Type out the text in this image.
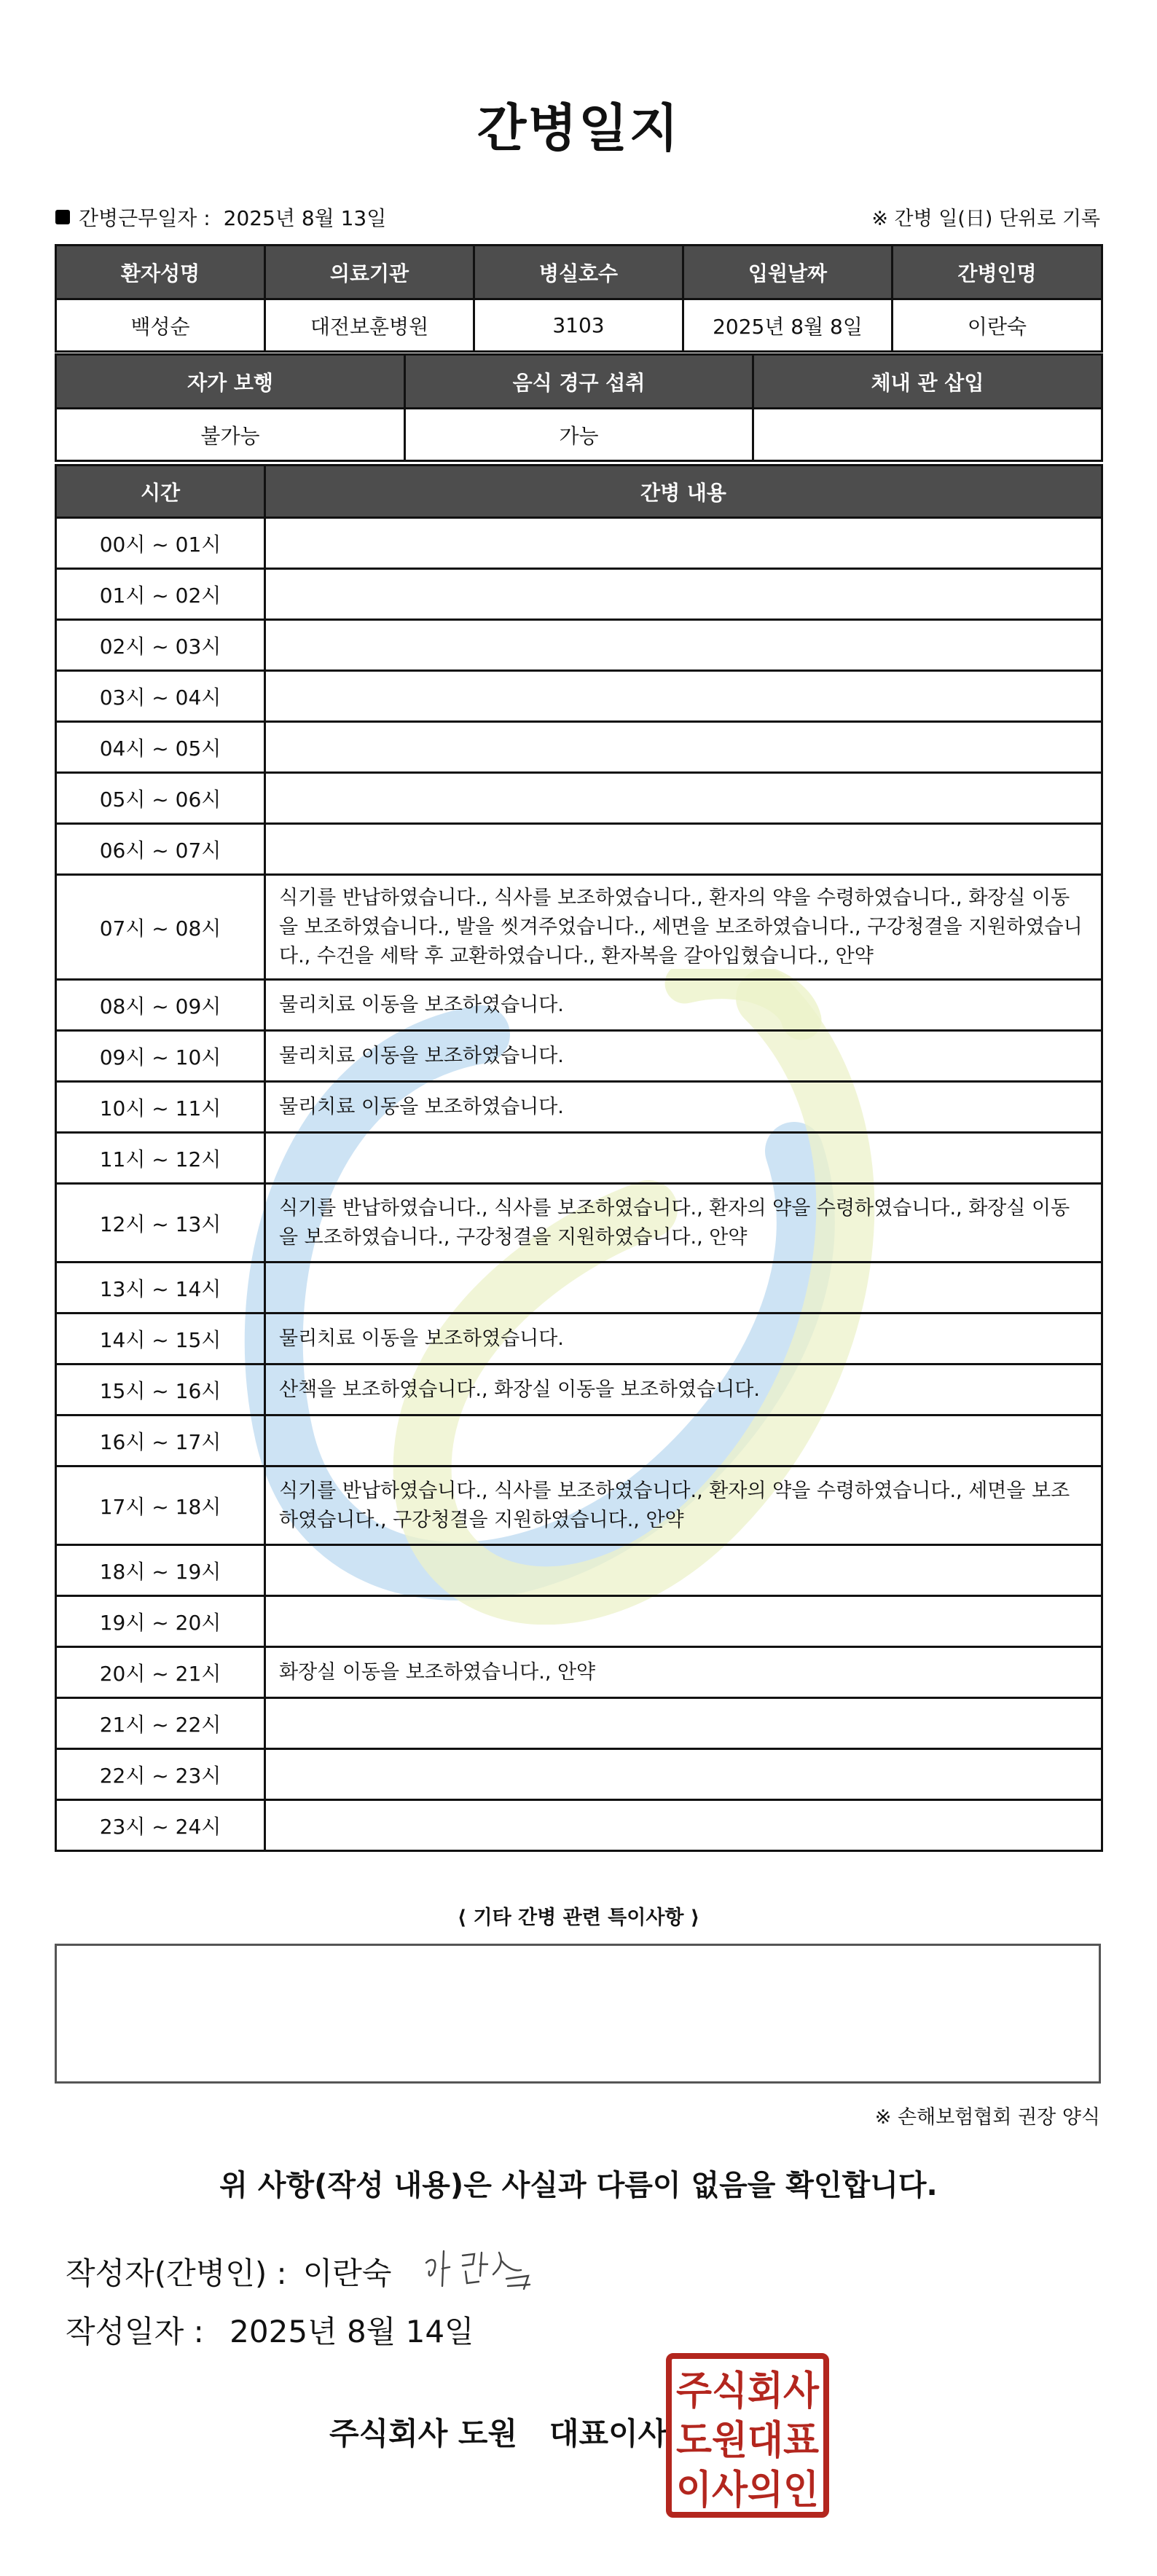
간병일지
간병근무일자 : 2025년 8월 13일	※ 간병 일(日) 단위로 기록
환자성명	의료기관	병실호수	입원날짜	간병인명
백성순	대전보훈병원	3103	2025년 8월 8일	이란숙
자가 보행	음식 경구 섭취	체내 관 삽입
불가능	가능	
시간	간병 내용
00시 ~ 01시	
01시 ~ 02시	
02시 ~ 03시	
03시 ~ 04시	
04시 ~ 05시	
05시 ~ 06시	
06시 ~ 07시	
07시 ~ 08시	식기를 반납하였습니다., 식사를 보조하였습니다., 환자의 약을 수령하였습니다., 화장실 이동을 보조하였습니다., 발을 씻겨주었습니다., 세면을 보조하였습니다., 구강청결을 지원하였습니다., 수건을 세탁 후 교환하였습니다., 환자복을 갈아입혔습니다., 안약
08시 ~ 09시	물리치료 이동을 보조하였습니다.
09시 ~ 10시	물리치료 이동을 보조하였습니다.
10시 ~ 11시	물리치료 이동을 보조하였습니다.
11시 ~ 12시	
12시 ~ 13시	식기를 반납하였습니다., 식사를 보조하였습니다., 환자의 약을 수령하였습니다., 화장실 이동을 보조하였습니다., 구강청결을 지원하였습니다., 안약
13시 ~ 14시	
14시 ~ 15시	물리치료 이동을 보조하였습니다.
15시 ~ 16시	산책을 보조하였습니다., 화장실 이동을 보조하였습니다.
16시 ~ 17시	
17시 ~ 18시	식기를 반납하였습니다., 식사를 보조하였습니다., 환자의 약을 수령하였습니다., 세면을 보조하였습니다., 구강청결을 지원하였습니다., 안약
18시 ~ 19시	
19시 ~ 20시	
20시 ~ 21시	화장실 이동을 보조하였습니다., 안약
21시 ~ 22시	
22시 ~ 23시	
23시 ~ 24시	
⟨ 기타 간병 관련 특이사항 ⟩
※ 손해보험협회 권장 양식
위 사항(작성 내용)은 사실과 다름이 없음을 확인합니다.
작성자(간병인) : 이란숙
작성일자 : 2025년 8월 14일
주식회사 도원   대표이사
주식회사
도원대표
이사의인
